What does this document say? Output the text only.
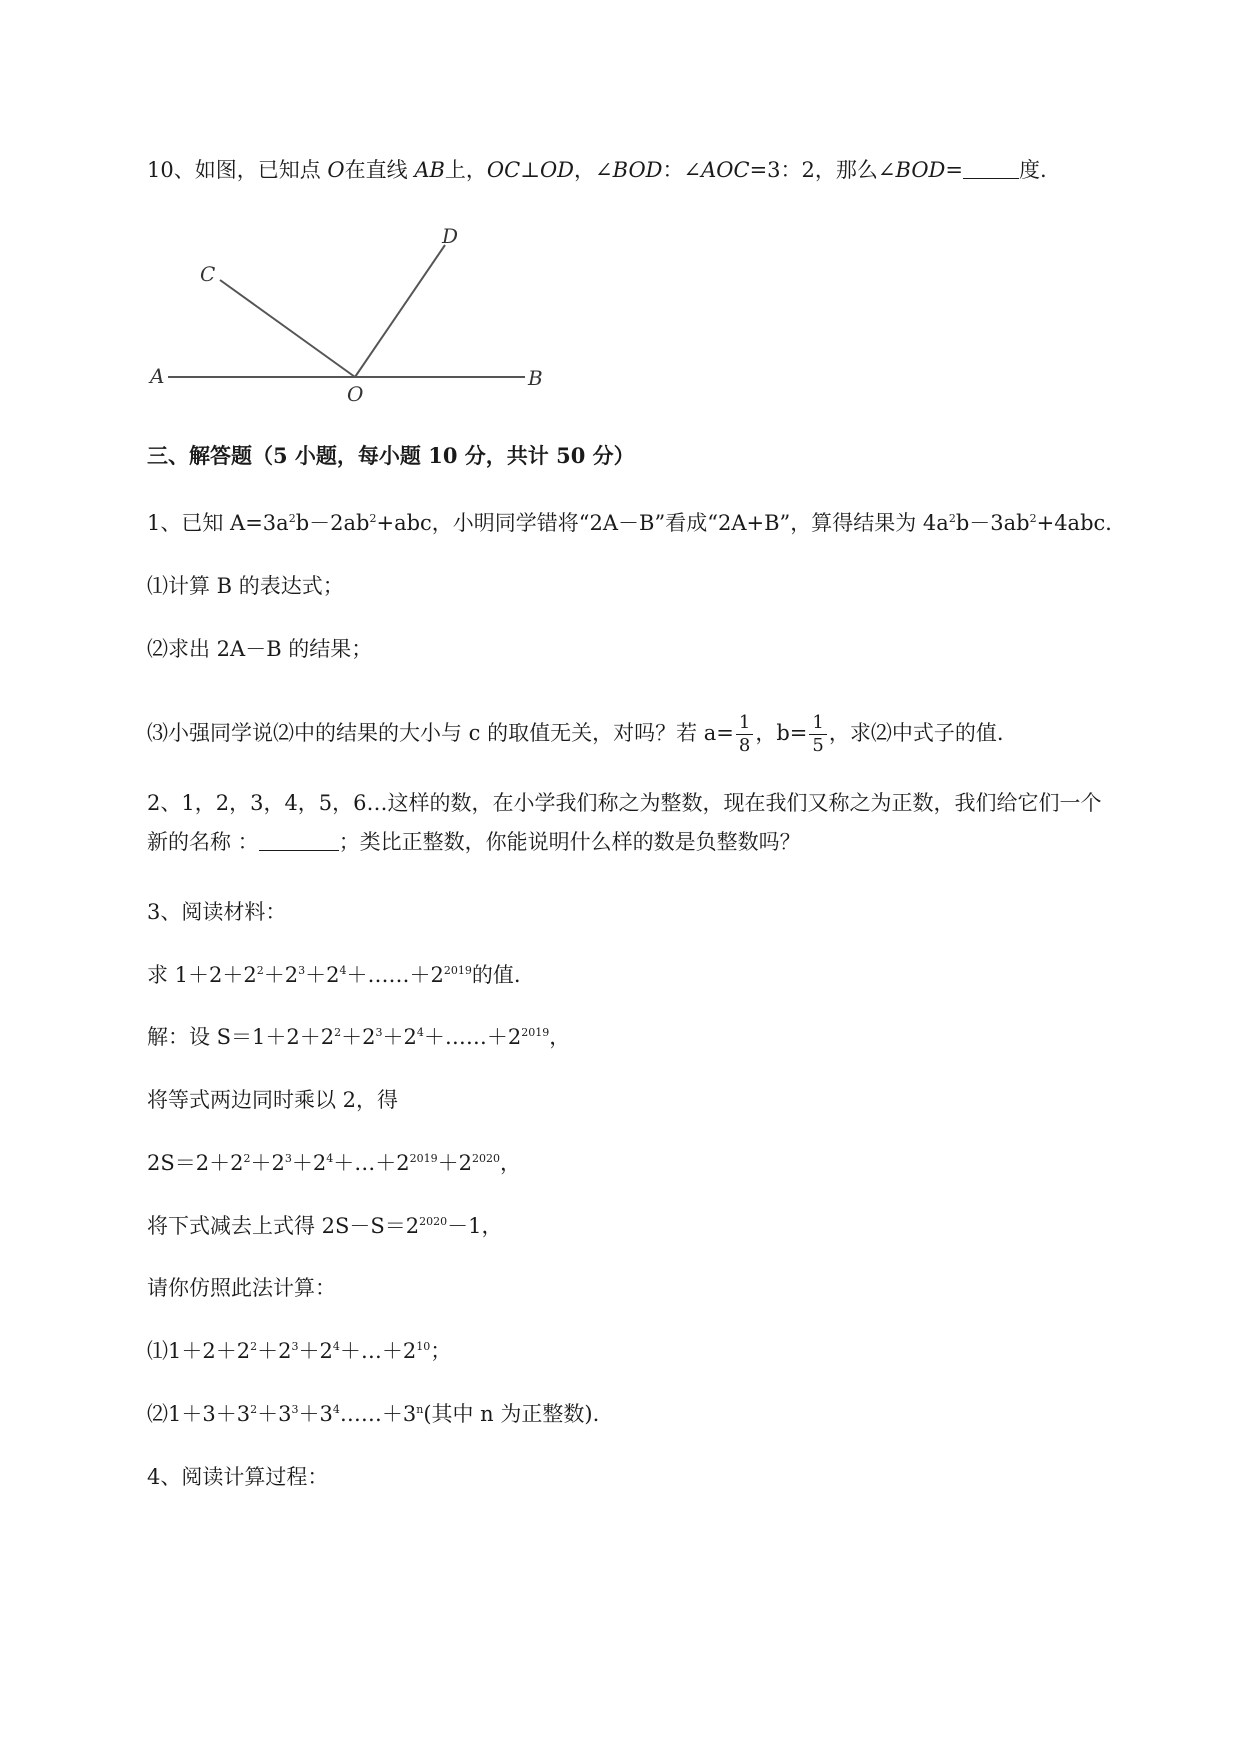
10、如图，已知点 O在直线 AB上，OC⊥OD，∠BOD：∠AOC=3：2，那么∠BOD=	度.
A	B
C
D
O
三、解答题（5 小题，每小题 10 分，共计 50 分）
1、已知 $A=3a^2b-2ab^2+abc$，小明同学错将“2A－B”看成“2A+B”，算得结果为 $4a^2b-3ab^2+4abc$．
⑴计算 B 的表达式；
⑵求出 2A－B 的结果；
⑶小强同学说⑵中的结果的大小与 c 的取值无关，对吗？若 $a= \frac{1}{8}$ ，$b= \frac{1}{5}$ ，求⑵中式子的值.
2、1，2，3，4，5，6…这样的数，在小学我们称之为整数，现在我们又称之为正数，我们给它们一个
新的名称 ：	；类比正整数，你能说明什么样的数是负整数吗？
3、阅读材料：
求 $1+2+2^2+2^3+2^4+\dots\dots+2^{2019}$的值.
解：设 $S=1+2+2^2+2^3+2^4+\dots\dots+2^{2019}$，
将等式两边同时乘以 2，得
$2S=2+2^2+2^3+2^4+\dots+2^{2019}+2^{2020}$，
将下式减去上式得 $2S-S=2^{2020}-1$，
请你仿照此法计算：
$⑴1+2+2^2+2^3+2^4+\dots+2^{10}$；
$⑵1+3+3^2+3^3+3^4\dots\dots+3^n$(其中 n 为正整数).
4、阅读计算过程：
